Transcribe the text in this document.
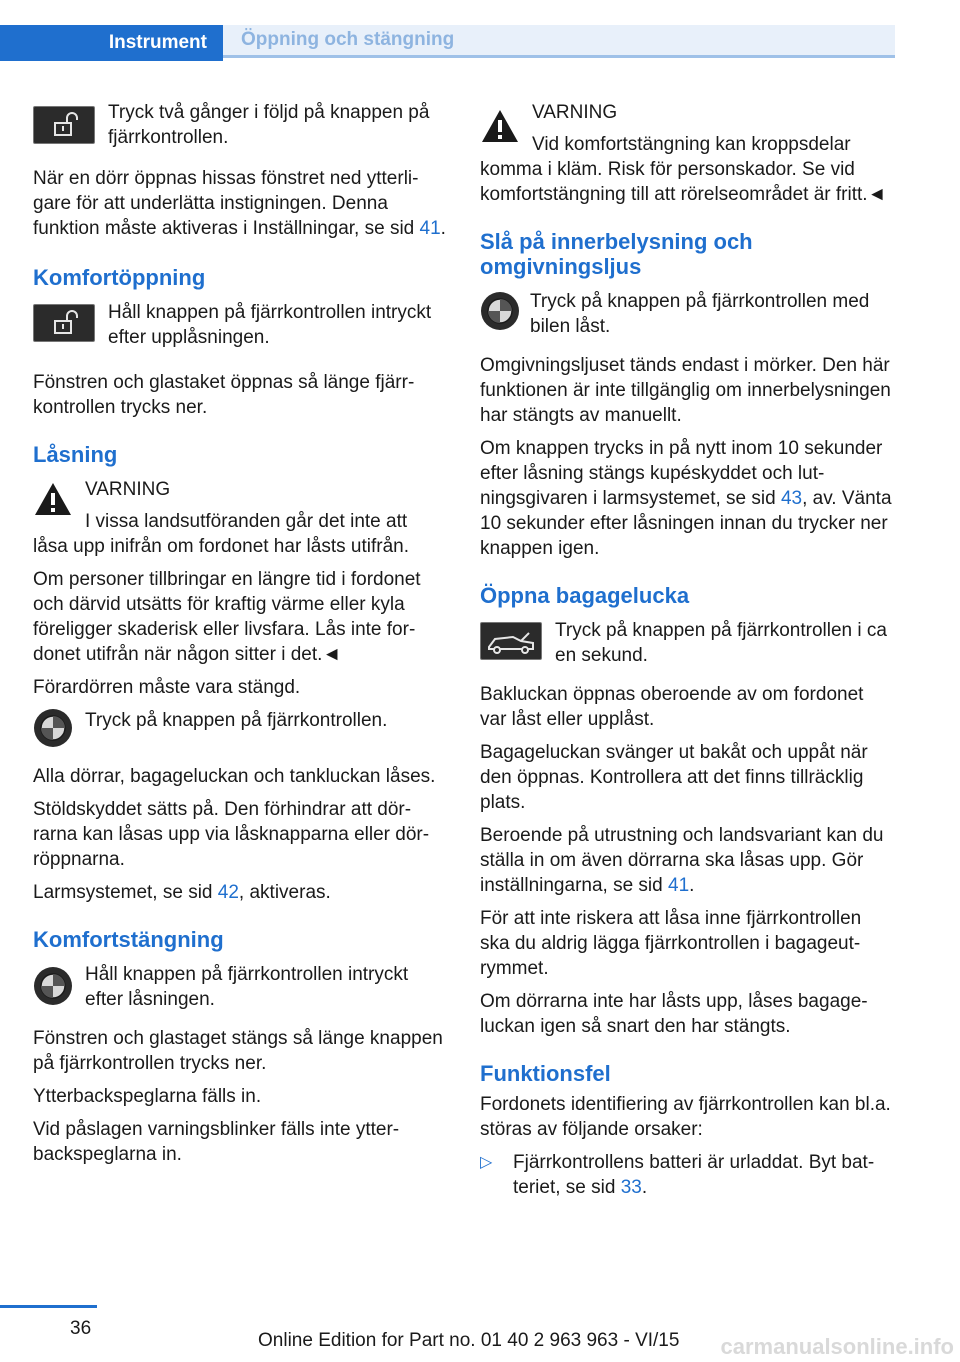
Instrument	Öppning och stängning
Tryck två gånger i följd på knappen på fjärrkontrollen.

När en dörr öppnas hissas fönstret ned ytterligare för att underlätta instigningen. Denna funktion måste aktiveras i Inställningar, se sid 41.

Komfortöppning
Håll knappen på fjärrkontrollen intryckt efter upplåsningen.

Fönstren och glastaket öppnas så länge fjärrkontrollen trycks ner.

Låsning
VARNING
I vissa landsutföranden går det inte att
låsa upp inifrån om fordonet har låsts utifrån.

Om personer tillbringar en längre tid i fordonet och därvid utsätts för kraftig värme eller kyla föreligger skaderisk eller livsfara. Lås inte fordonet utifrån när någon sitter i det.◄

Förardörren måste vara stängd.

Tryck på knappen på fjärrkontrollen.

Alla dörrar, bagageluckan och tankluckan låses.

Stöldskyddet sätts på. Den förhindrar att dörrarna kan låsas upp via låsknapparna eller dörröppnarna.

Larmsystemet, se sid 42, aktiveras.

Komfortstängning
Håll knappen på fjärrkontrollen intryckt efter låsningen.

Fönstren och glastaget stängs så länge knappen på fjärrkontrollen trycks ner.

Ytterbackspeglarna fälls in.

Vid påslagen varningsblinker fälls inte ytterbackspeglarna in.

VARNING
Vid komfortstängning kan kroppsdelar
komma i kläm. Risk för personskador. Se vid komfortstängning till att rörelseområdet är fritt.◄
Slå på innerbelysning och omgivningsljus
Tryck på knappen på fjärrkontrollen med bilen låst.

Omgivningsljuset tänds endast i mörker. Den här funktionen är inte tillgänglig om innerbelysningen har stängts av manuellt.

Om knappen trycks in på nytt inom 10 sekunder efter låsning stängs kupéskyddet och lutningsgivaren i larmsystemet, se sid 43, av. Vänta 10 sekunder efter låsningen innan du trycker ner knappen igen.

Öppna bagagelucka
Tryck på knappen på fjärrkontrollen i ca en sekund.

Bakluckan öppnas oberoende av om fordonet var låst eller upplåst.

Bagageluckan svänger ut bakåt och uppåt när den öppnas. Kontrollera att det finns tillräcklig plats.

Beroende på utrustning och landsvariant kan du ställa in om även dörrarna ska låsas upp. Gör inställningarna, se sid 41.

För att inte riskera att låsa inne fjärrkontrollen ska du aldrig lägga fjärrkontrollen i bagageutrymmet.

Om dörrarna inte har låsts upp, låses bagageluckan igen så snart den har stängts.

Funktionsfel

Fordonets identifiering av fjärrkontrollen kan bl.a. störas av följande orsaker:

▷ Fjärrkontrollens batteri är urladdat. Byt batteriet, se sid 33.
36
Online Edition for Part no. 01 40 2 963 963 - VI/15 carmanualsonline.info
